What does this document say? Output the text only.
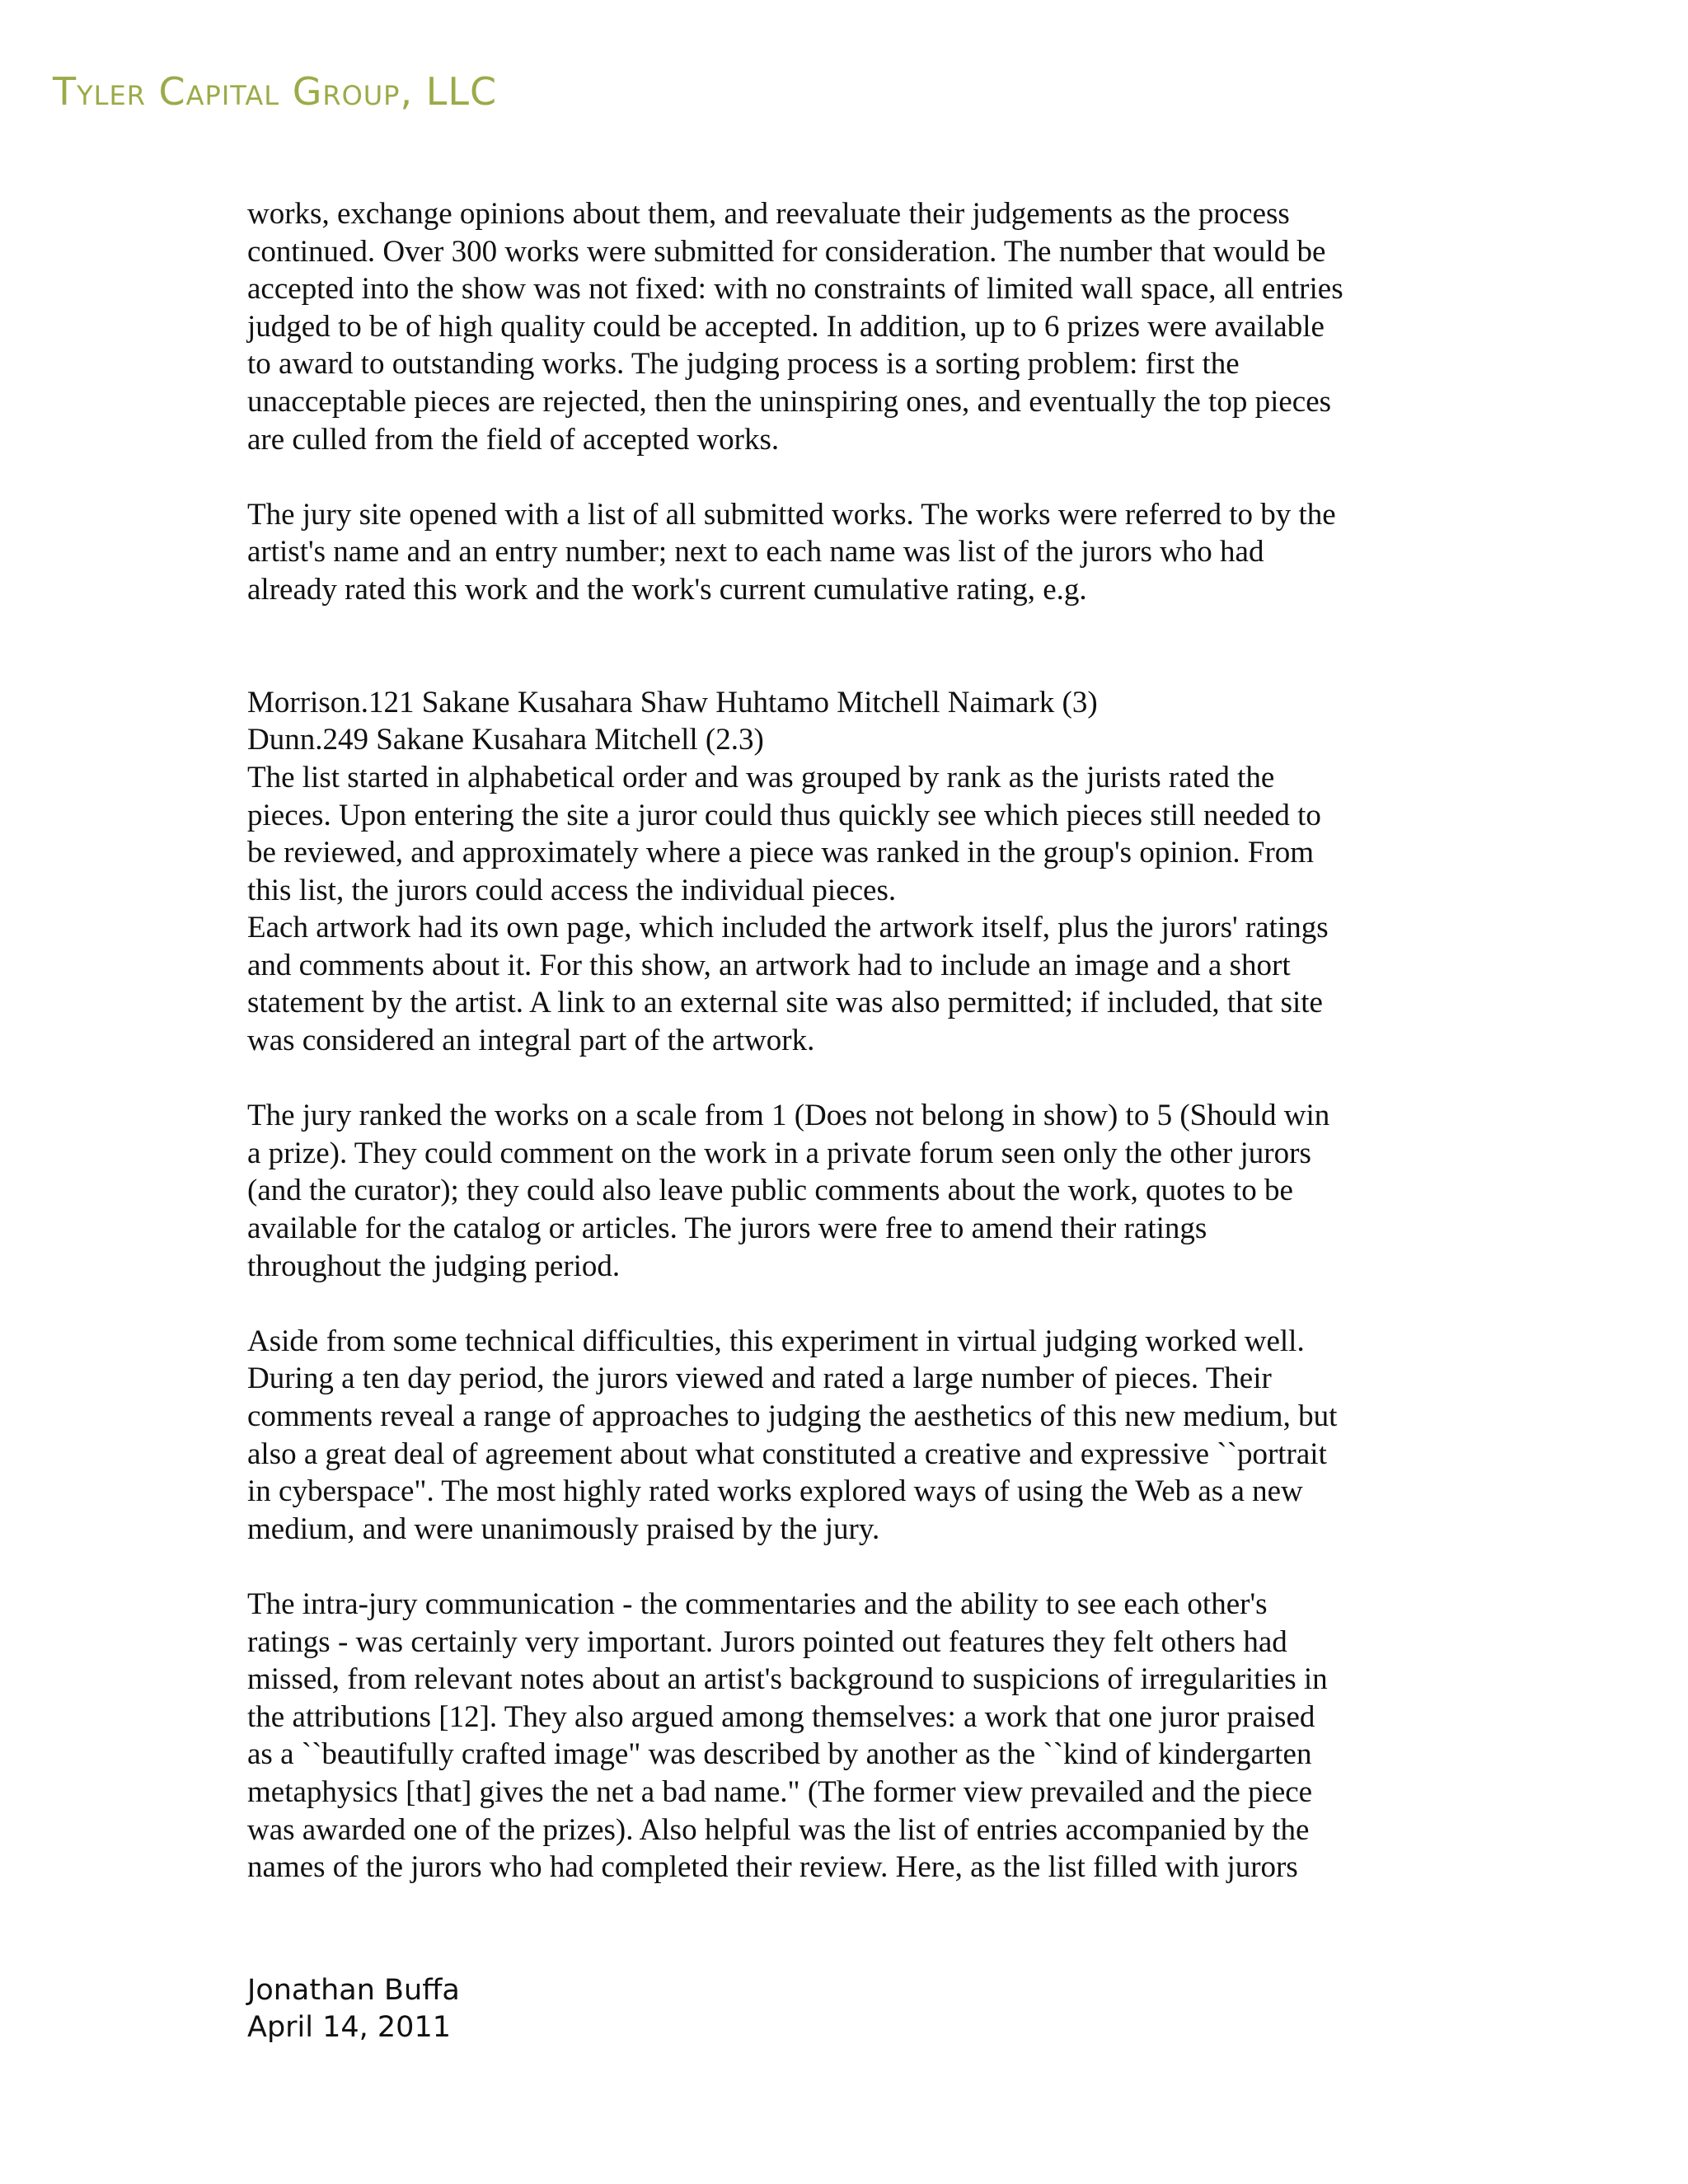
Tyler Capital Group, LLC
works, exchange opinions about them, and reevaluate their judgements as the process
continued. Over 300 works were submitted for consideration. The number that would be
accepted into the show was not fixed: with no constraints of limited wall space, all entries
judged to be of high quality could be accepted. In addition, up to 6 prizes were available
to award to outstanding works. The judging process is a sorting problem: first the
unacceptable pieces are rejected, then the uninspiring ones, and eventually the top pieces
are culled from the field of accepted works.
The jury site opened with a list of all submitted works. The works were referred to by the
artist's name and an entry number; next to each name was list of the jurors who had
already rated this work and the work's current cumulative rating, e.g.
Morrison.121 Sakane Kusahara Shaw Huhtamo Mitchell Naimark (3)
Dunn.249 Sakane Kusahara Mitchell (2.3)
The list started in alphabetical order and was grouped by rank as the jurists rated the
pieces. Upon entering the site a juror could thus quickly see which pieces still needed to
be reviewed, and approximately where a piece was ranked in the group's opinion. From
this list, the jurors could access the individual pieces.
Each artwork had its own page, which included the artwork itself, plus the jurors' ratings
and comments about it. For this show, an artwork had to include an image and a short
statement by the artist. A link to an external site was also permitted; if included, that site
was considered an integral part of the artwork.
The jury ranked the works on a scale from 1 (Does not belong in show) to 5 (Should win
a prize). They could comment on the work in a private forum seen only the other jurors
(and the curator); they could also leave public comments about the work, quotes to be
available for the catalog or articles. The jurors were free to amend their ratings
throughout the judging period.
Aside from some technical difficulties, this experiment in virtual judging worked well.
During a ten day period, the jurors viewed and rated a large number of pieces. Their
comments reveal a range of approaches to judging the aesthetics of this new medium, but
also a great deal of agreement about what constituted a creative and expressive ``portrait
in cyberspace". The most highly rated works explored ways of using the Web as a new
medium, and were unanimously praised by the jury.
The intra-jury communication - the commentaries and the ability to see each other's
ratings - was certainly very important. Jurors pointed out features they felt others had
missed, from relevant notes about an artist's background to suspicions of irregularities in
the attributions [12]. They also argued among themselves: a work that one juror praised
as a ``beautifully crafted image" was described by another as the ``kind of kindergarten
metaphysics [that] gives the net a bad name." (The former view prevailed and the piece
was awarded one of the prizes). Also helpful was the list of entries accompanied by the
names of the jurors who had completed their review. Here, as the list filled with jurors
Jonathan Buffa
April 14, 2011
